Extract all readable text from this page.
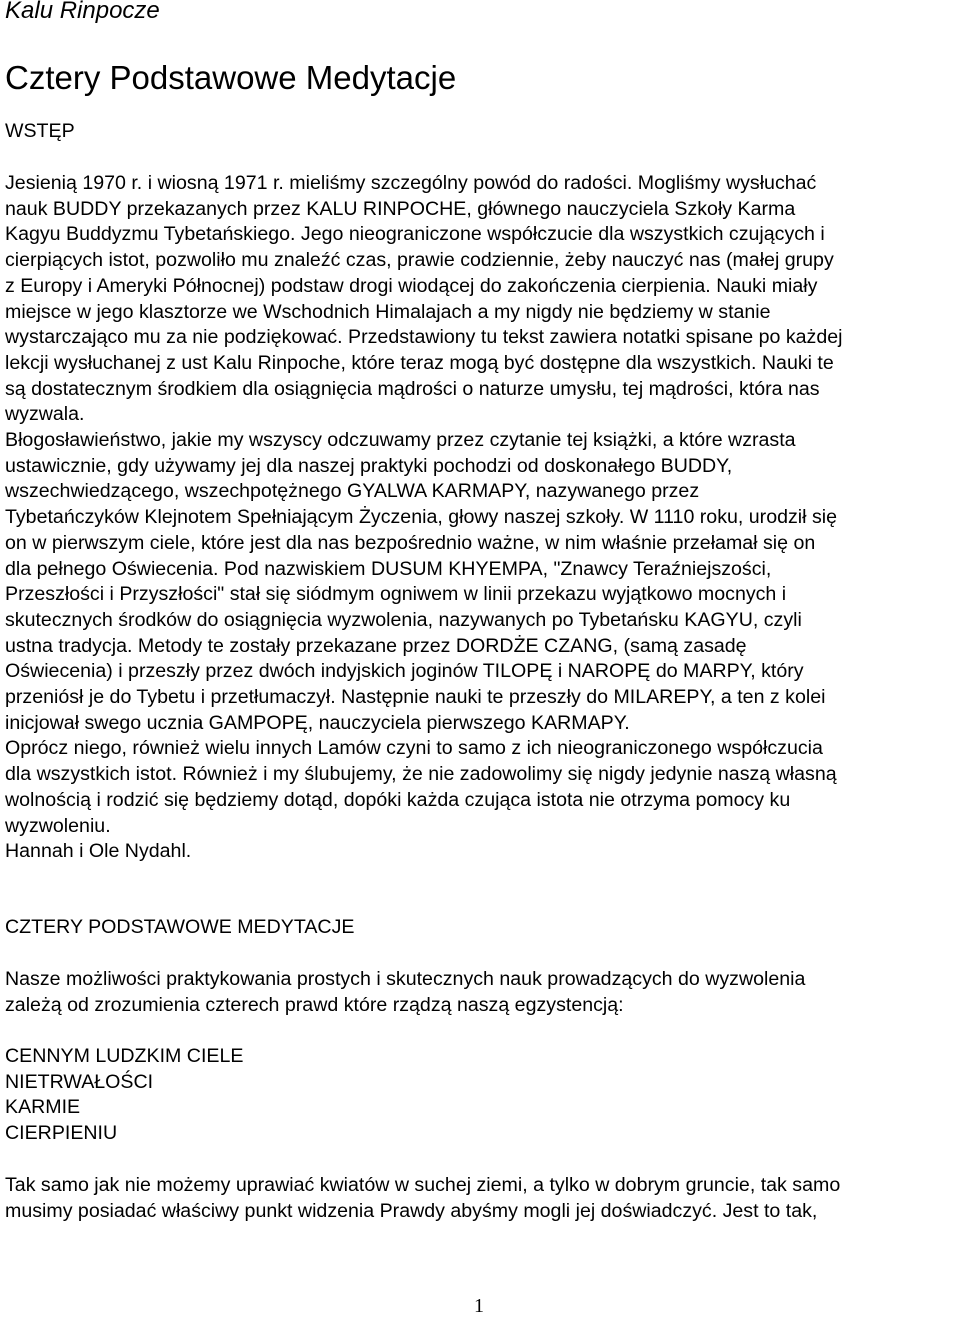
Kalu Rinpocze
Cztery Podstawowe Medytacje
WSTĘP
Jesienią 1970 r. i wiosną 1971 r. mieliśmy szczególny powód do radości. Mogliśmy wysłuchać
nauk BUDDY przekazanych przez KALU RINPOCHE, głównego nauczyciela Szkoły Karma
Kagyu Buddyzmu Tybetańskiego. Jego nieograniczone współczucie dla wszystkich czujących i
cierpiących istot, pozwoliło mu znaleźć czas, prawie codziennie, żeby nauczyć nas (małej grupy
z Europy i Ameryki Północnej) podstaw drogi wiodącej do zakończenia cierpienia. Nauki miały
miejsce w jego klasztorze we Wschodnich Himalajach a my nigdy nie będziemy w stanie
wystarczająco mu za nie podziękować. Przedstawiony tu tekst zawiera notatki spisane po każdej
lekcji wysłuchanej z ust Kalu Rinpoche, które teraz mogą być dostępne dla wszystkich. Nauki te
są dostatecznym środkiem dla osiągnięcia mądrości o naturze umysłu, tej mądrości, która nas
wyzwala.
Błogosławieństwo, jakie my wszyscy odczuwamy przez czytanie tej książki, a które wzrasta
ustawicznie, gdy używamy jej dla naszej praktyki pochodzi od doskonałego BUDDY,
wszechwiedzącego, wszechpotężnego GYALWA KARMAPY, nazywanego przez
Tybetańczyków Klejnotem Spełniającym Życzenia, głowy naszej szkoły. W 1110 roku, urodził się
on w pierwszym ciele, które jest dla nas bezpośrednio ważne, w nim właśnie przełamał się on
dla pełnego Oświecenia. Pod nazwiskiem DUSUM KHYEMPA, "Znawcy Teraźniejszości,
Przeszłości i Przyszłości" stał się siódmym ogniwem w linii przekazu wyjątkowo mocnych i
skutecznych środków do osiągnięcia wyzwolenia, nazywanych po Tybetańsku KAGYU, czyli
ustna tradycja. Metody te zostały przekazane przez DORDŻE CZANG, (samą zasadę
Oświecenia) i przeszły przez dwóch indyjskich joginów TILOPĘ i NAROPĘ do MARPY, który
przeniósł je do Tybetu i przetłumaczył. Następnie nauki te przeszły do MILAREPY, a ten z kolei
inicjował swego ucznia GAMPOPĘ, nauczyciela pierwszego KARMAPY.
Oprócz niego, również wielu innych Lamów czyni to samo z ich nieograniczonego współczucia
dla wszystkich istot. Również i my ślubujemy, że nie zadowolimy się nigdy jedynie naszą własną
wolnością i rodzić się będziemy dotąd, dopóki każda czująca istota nie otrzyma pomocy ku
wyzwoleniu.
Hannah i Ole Nydahl.
CZTERY PODSTAWOWE MEDYTACJE
Nasze możliwości praktykowania prostych i skutecznych nauk prowadzących do wyzwolenia
zależą od zrozumienia czterech prawd które rządzą naszą egzystencją:
CENNYM LUDZKIM CIELE
NIETRWAŁOŚCI
KARMIE
CIERPIENIU
Tak samo jak nie możemy uprawiać kwiatów w suchej ziemi, a tylko w dobrym gruncie, tak samo
musimy posiadać właściwy punkt widzenia Prawdy abyśmy mogli jej doświadczyć. Jest to tak,
1
